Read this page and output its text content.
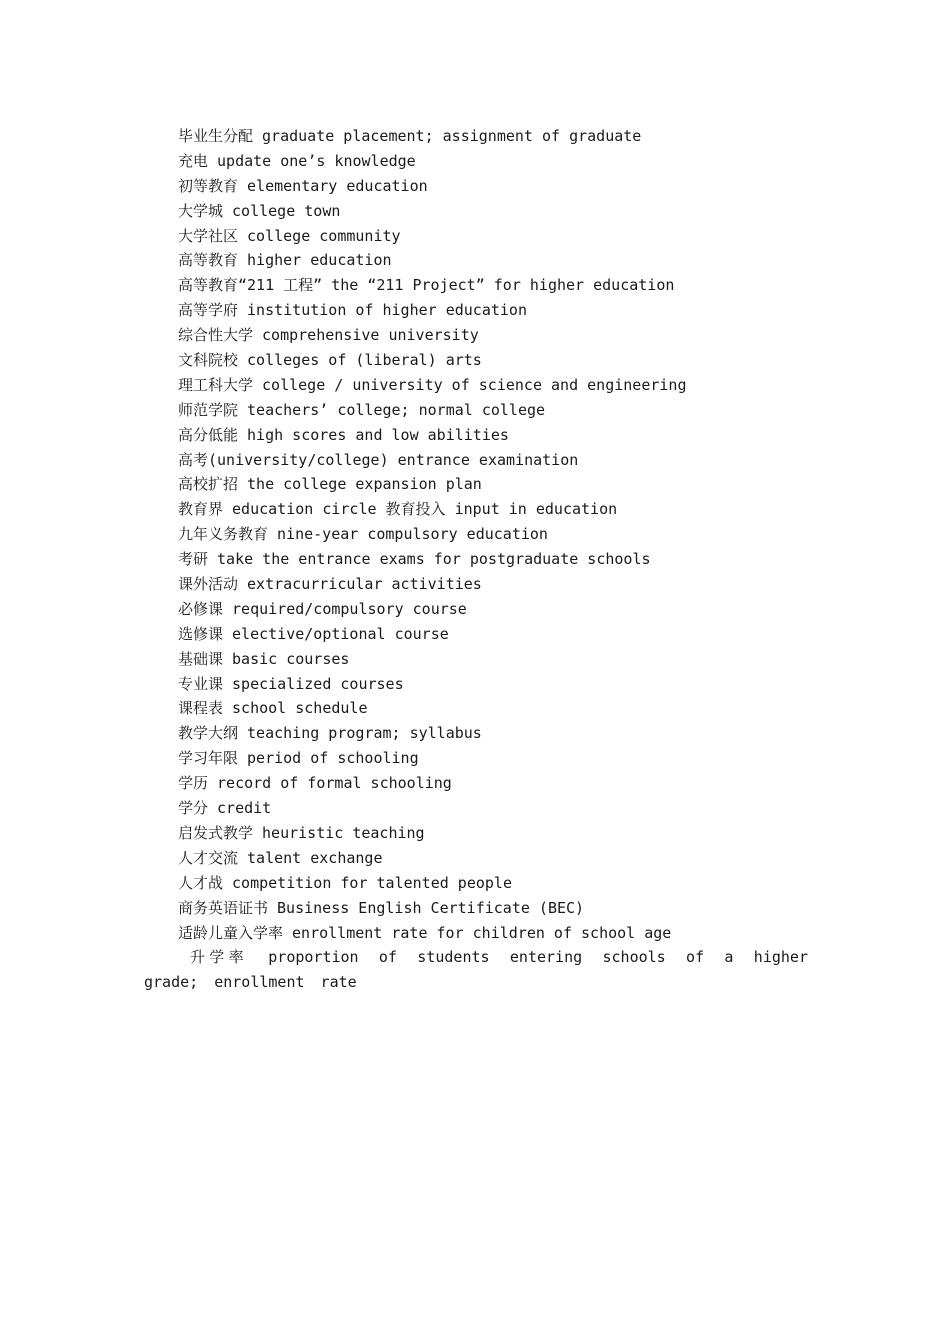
毕业生分配 graduate placement; assignment of graduate
充电 update one’s knowledge
初等教育 elementary education
大学城 college town
大学社区 college community
高等教育 higher education
高等教育“211 工程” the “211 Project” for higher education
高等学府 institution of higher education
综合性大学 comprehensive university
文科院校 colleges of (liberal) arts
理工科大学 college / university of science and engineering
师范学院 teachers’ college; normal college
高分低能 high scores and low abilities
高考(university/college) entrance examination
高校扩招 the college expansion plan
教育界 education circle 教育投入 input in education
九年义务教育 nine-year compulsory education
考研 take the entrance exams for postgraduate schools
课外活动 extracurricular activities
必修课 required/compulsory course
选修课 elective/optional course
基础课 basic courses
专业课 specialized courses
课程表 school schedule
教学大纲 teaching program; syllabus
学习年限 period of schooling
学历 record of formal schooling
学分 credit
启发式教学 heuristic teaching
人才交流 talent exchange
人才战 competition for talented people
商务英语证书 Business English Certificate (BEC)
适龄儿童入学率 enrollment rate for children of school age
升学率 proportion of students entering schools of a higher grade; enrollment rate
